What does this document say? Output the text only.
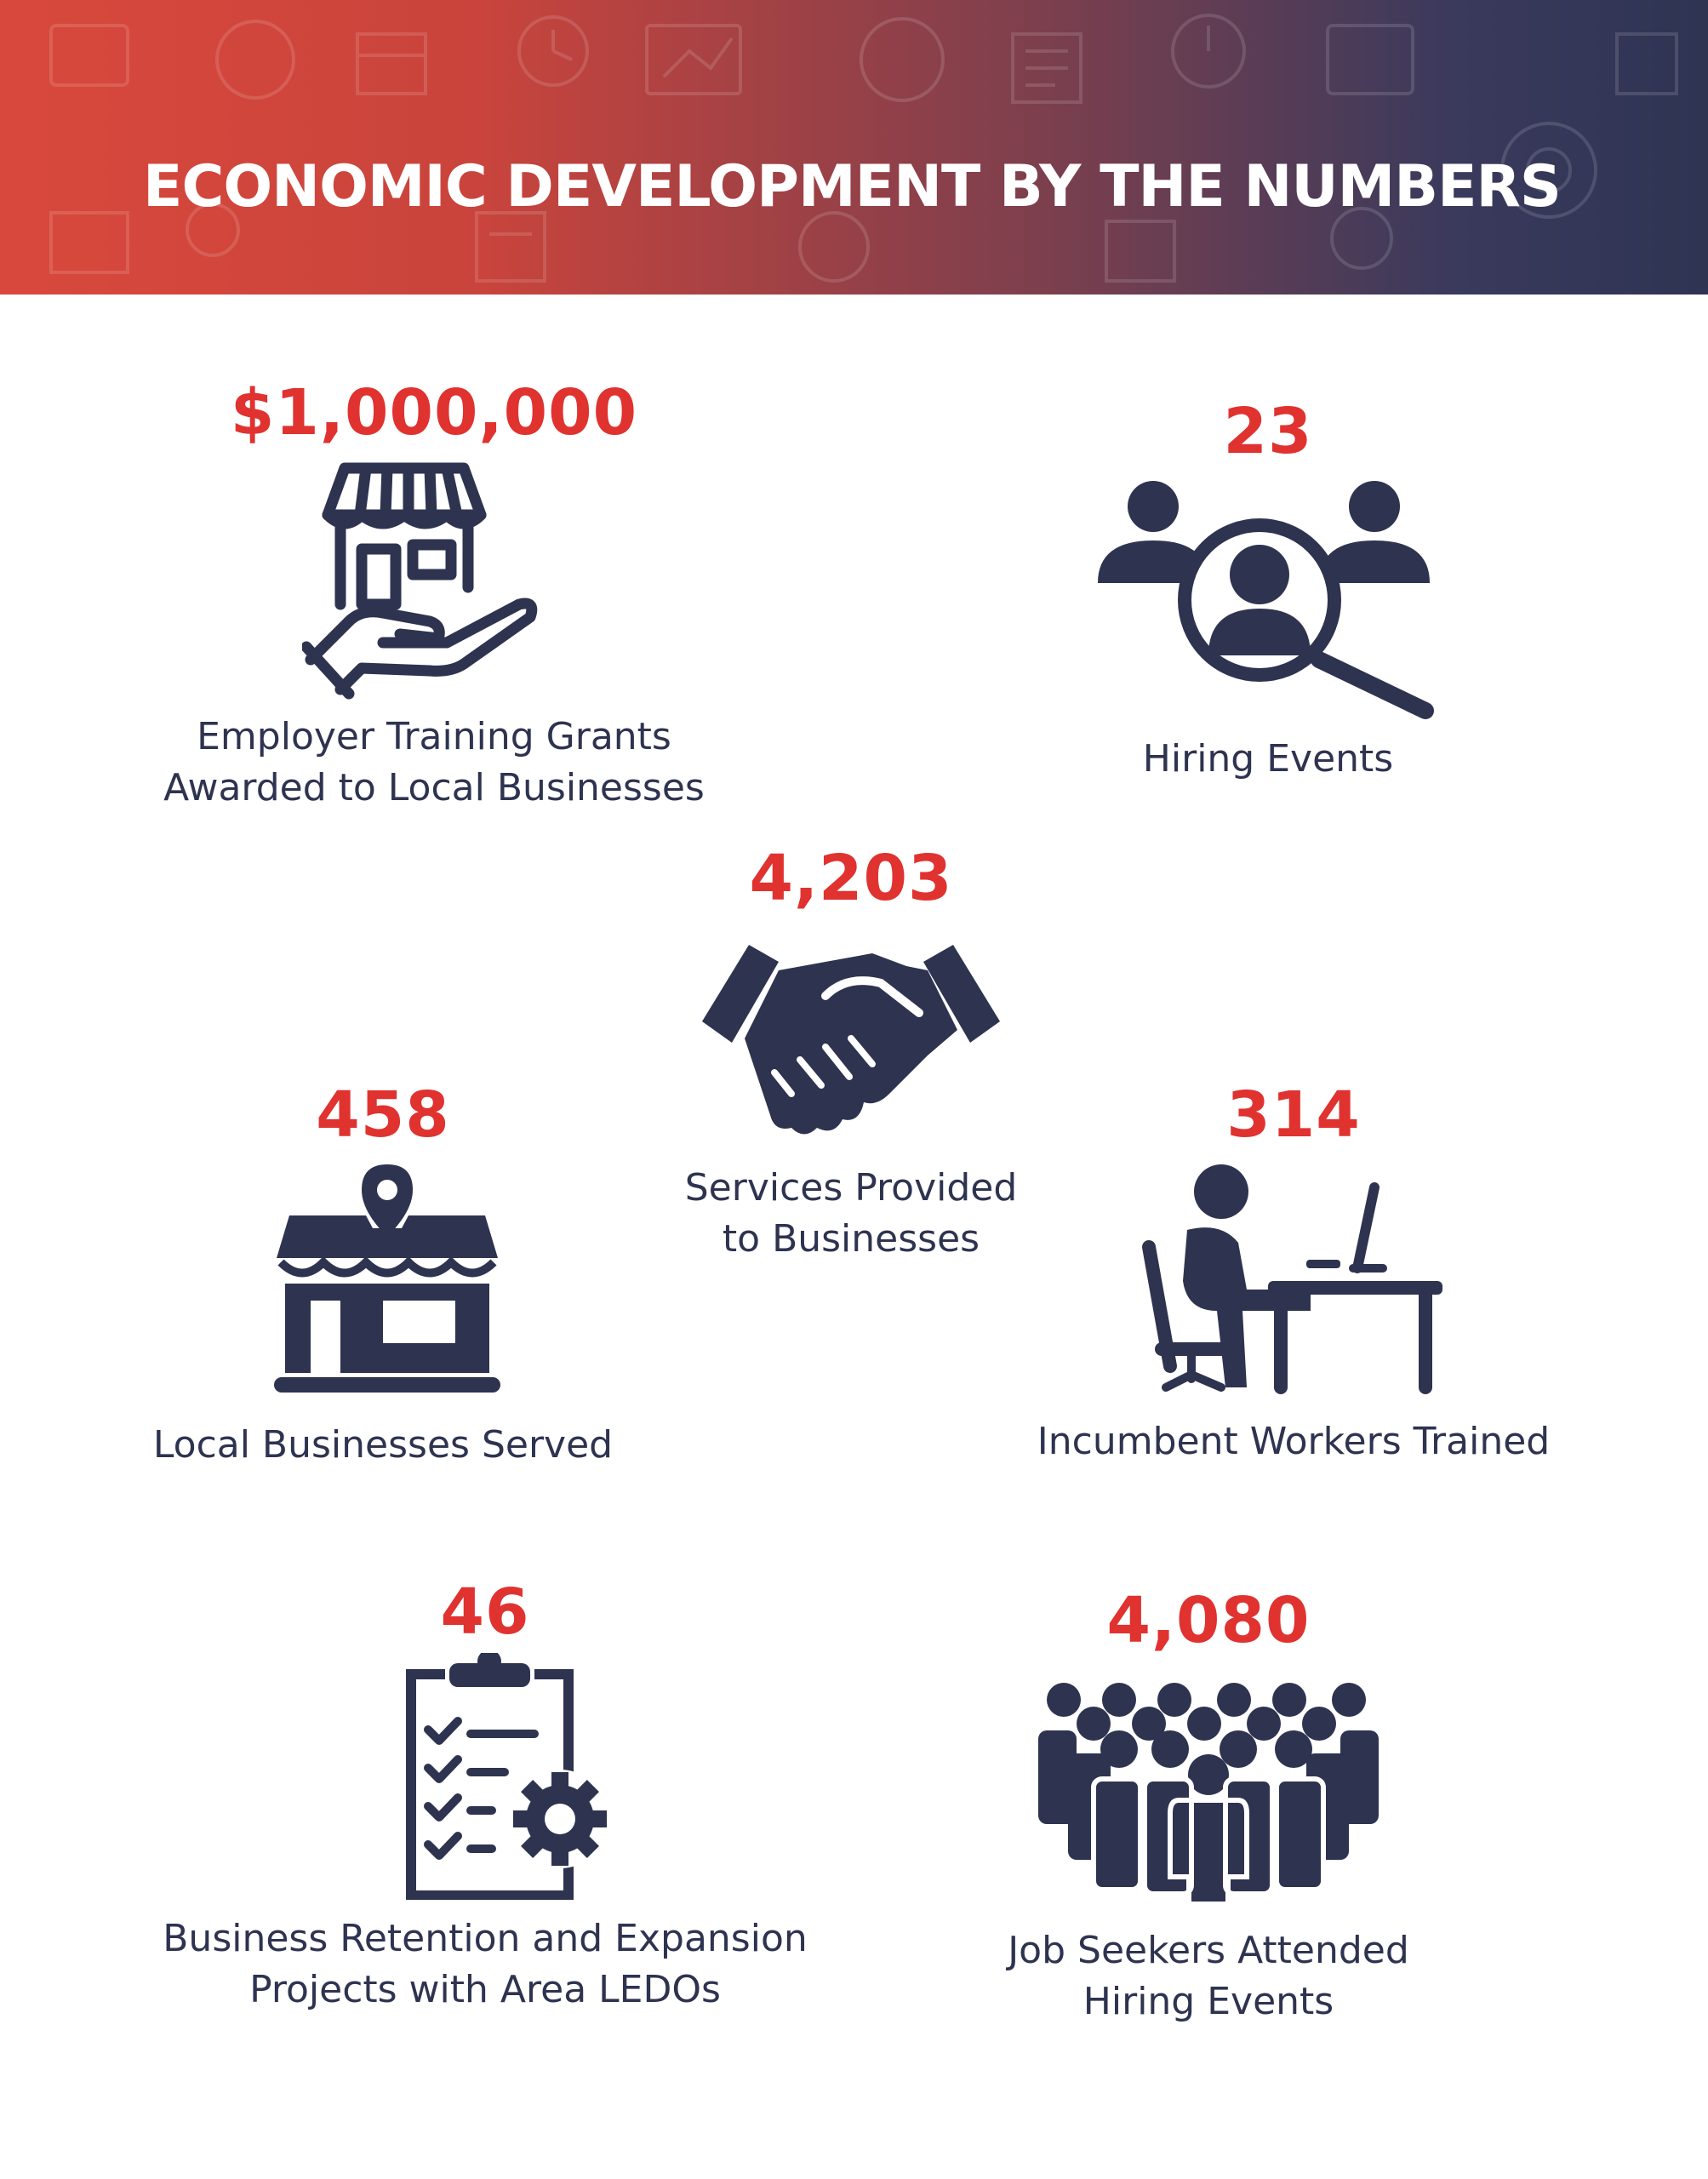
ECONOMIC DEVELOPMENT BY THE NUMBERS
$1,000,000
Employer Training Grants
Awarded to Local Businesses
23
Hiring Events
4,203
Services Provided
to Businesses
458
Local Businesses Served
314
Incumbent Workers Trained
46
Business Retention and Expansion
Projects with Area LEDOs
4,080
Job Seekers Attended
Hiring Events
